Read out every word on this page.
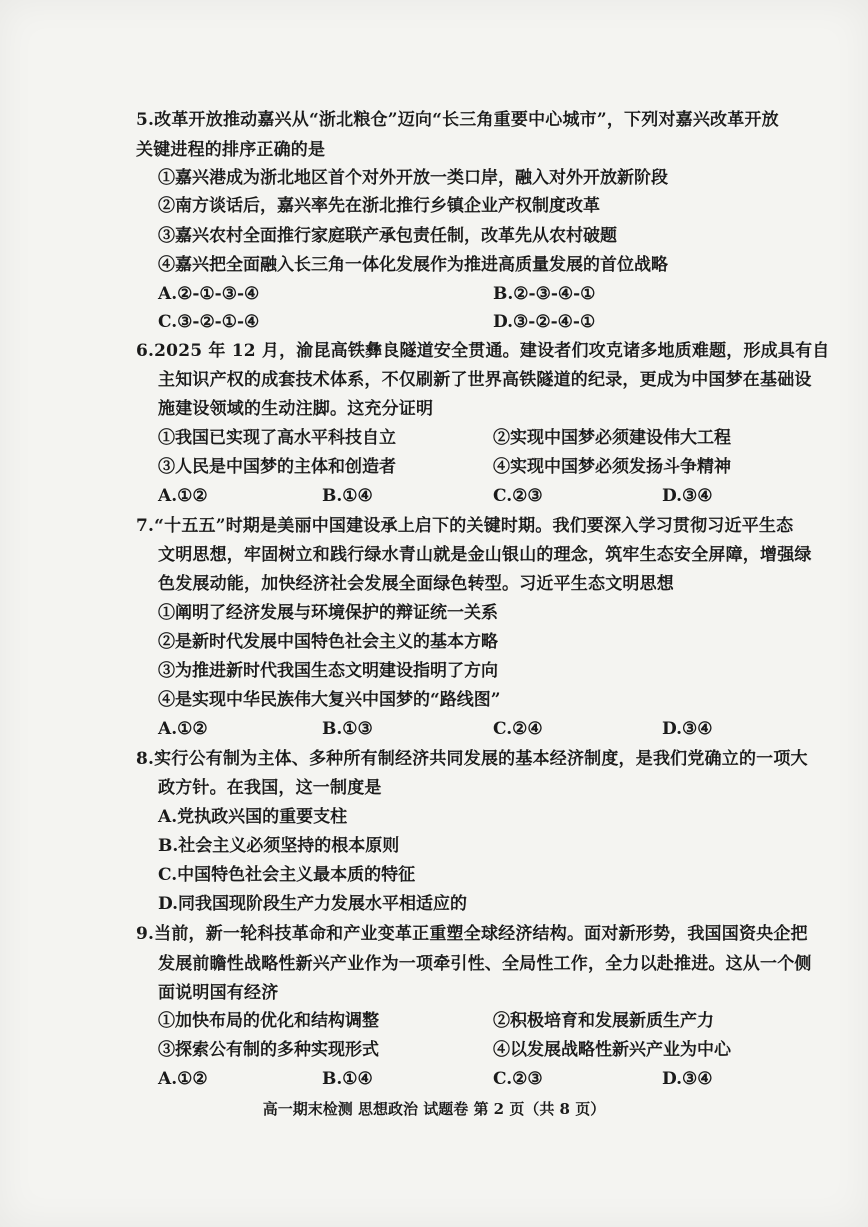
5.改革开放推动嘉兴从“浙北粮仓”迈向“长三角重要中心城市”，下列对嘉兴改革开放
关键进程的排序正确的是
①嘉兴港成为浙北地区首个对外开放一类口岸，融入对外开放新阶段
②南方谈话后，嘉兴率先在浙北推行乡镇企业产权制度改革
③嘉兴农村全面推行家庭联产承包责任制，改革先从农村破题
④嘉兴把全面融入长三角一体化发展作为推进高质量发展的首位战略
A.②-①-③-④	B.②-③-④-①
C.③-②-①-④	D.③-②-④-①
6.2025 年 12 月，渝昆高铁彝良隧道安全贯通。建设者们攻克诸多地质难题，形成具有自
主知识产权的成套技术体系，不仅刷新了世界高铁隧道的纪录，更成为中国梦在基础设
施建设领域的生动注脚。这充分证明
①我国已实现了高水平科技自立	②实现中国梦必须建设伟大工程
③人民是中国梦的主体和创造者	④实现中国梦必须发扬斗争精神
A.①②	B.①④	C.②③	D.③④
7.“十五五”时期是美丽中国建设承上启下的关键时期。我们要深入学习贯彻习近平生态
文明思想，牢固树立和践行绿水青山就是金山银山的理念，筑牢生态安全屏障，增强绿
色发展动能，加快经济社会发展全面绿色转型。习近平生态文明思想
①阐明了经济发展与环境保护的辩证统一关系
②是新时代发展中国特色社会主义的基本方略
③为推进新时代我国生态文明建设指明了方向
④是实现中华民族伟大复兴中国梦的“路线图”
A.①②	B.①③	C.②④	D.③④
8.实行公有制为主体、多种所有制经济共同发展的基本经济制度，是我们党确立的一项大
政方针。在我国，这一制度是
A.党执政兴国的重要支柱
B.社会主义必须坚持的根本原则
C.中国特色社会主义最本质的特征
D.同我国现阶段生产力发展水平相适应的
9.当前，新一轮科技革命和产业变革正重塑全球经济结构。面对新形势，我国国资央企把
发展前瞻性战略性新兴产业作为一项牵引性、全局性工作，全力以赴推进。这从一个侧
面说明国有经济
①加快布局的优化和结构调整	②积极培育和发展新质生产力
③探索公有制的多种实现形式	④以发展战略性新兴产业为中心
A.①②	B.①④	C.②③	D.③④
高一期末检测 思想政治 试题卷 第 2 页（共 8 页）
